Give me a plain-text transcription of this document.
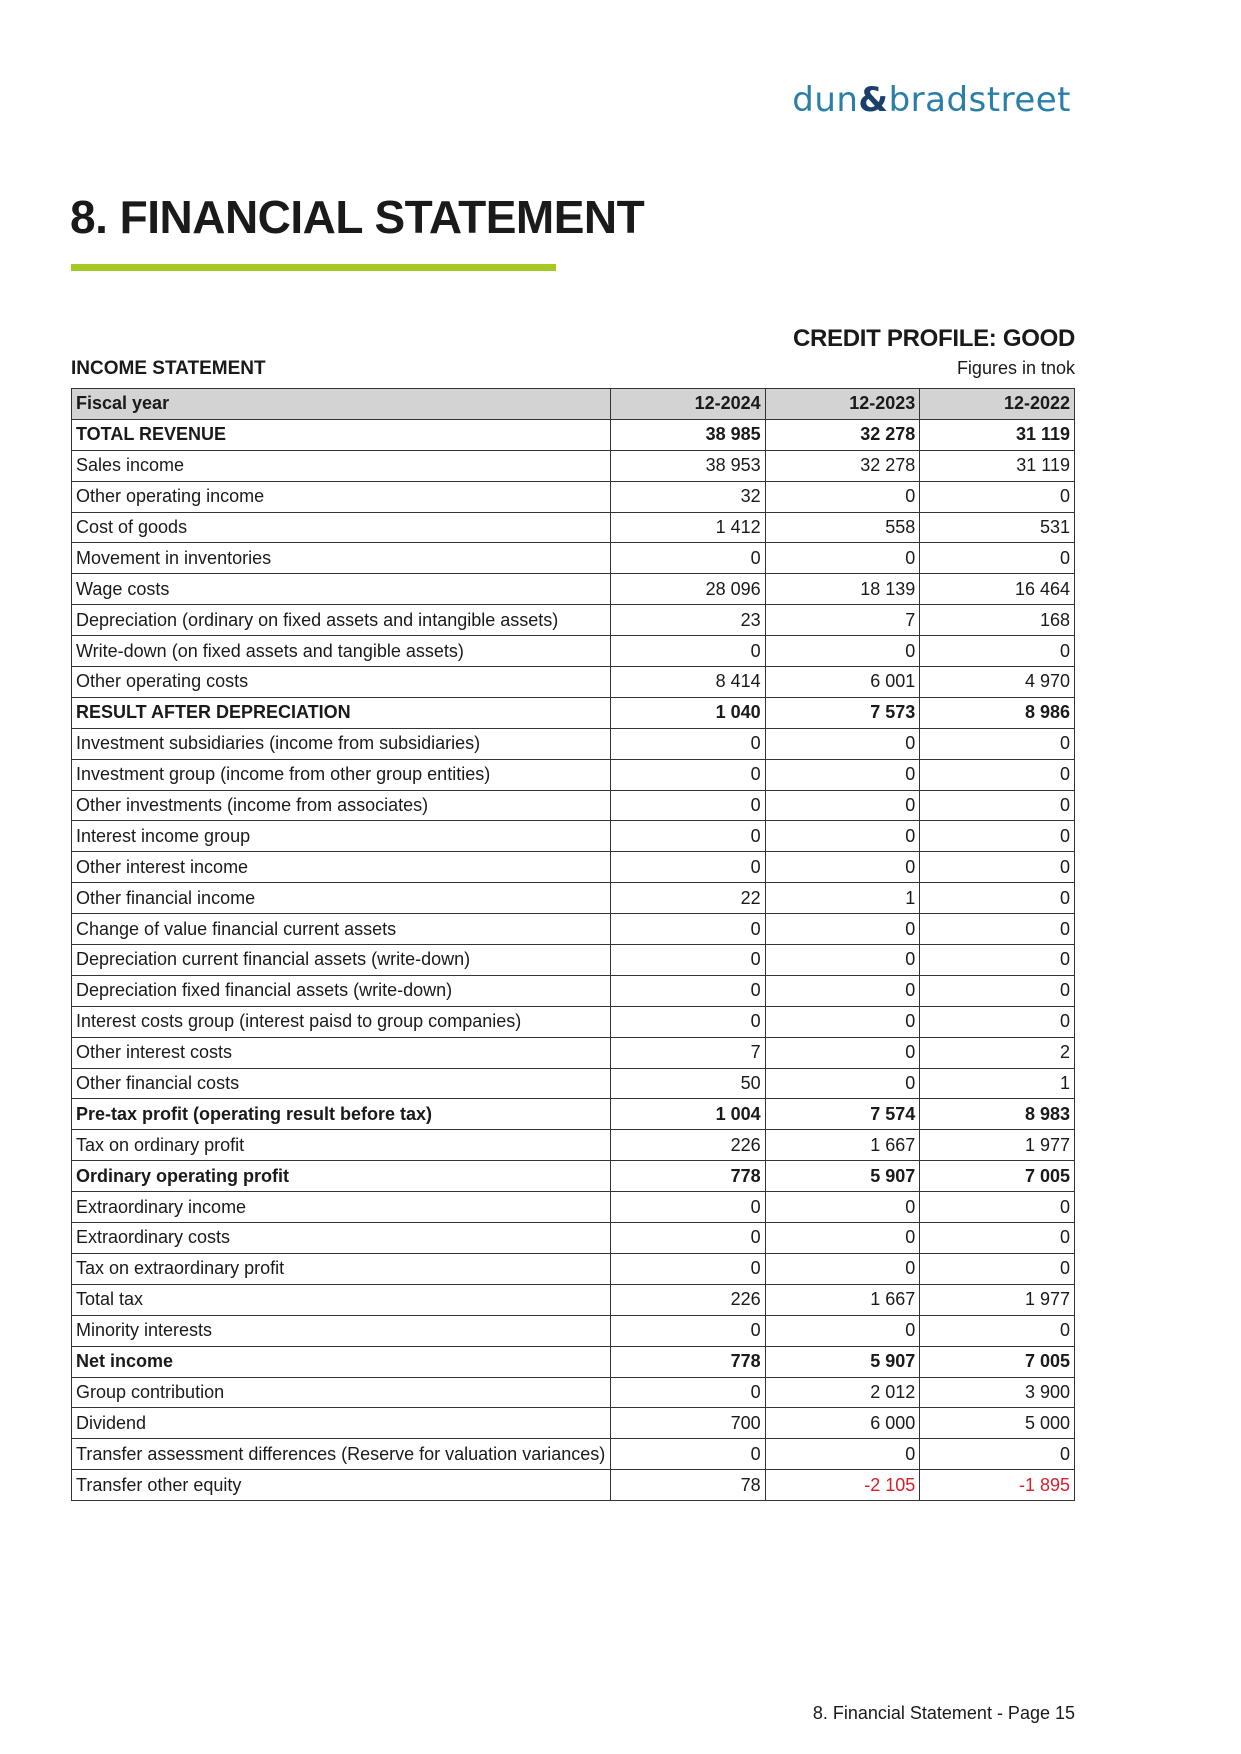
dun&bradstreet
8. FINANCIAL STATEMENT
CREDIT PROFILE: GOOD
INCOME STATEMENT	Figures in tnok
Fiscal year	12-2024	12-2023	12-2022
TOTAL REVENUE	38 985	32 278	31 119
Sales income	38 953	32 278	31 119
Other operating income	32	0	0
Cost of goods	1 412	558	531
Movement in inventories	0	0	0
Wage costs	28 096	18 139	16 464
Depreciation (ordinary on fixed assets and intangible assets)	23	7	168
Write-down (on fixed assets and tangible assets)	0	0	0
Other operating costs	8 414	6 001	4 970
RESULT AFTER DEPRECIATION	1 040	7 573	8 986
Investment subsidiaries (income from subsidiaries)	0	0	0
Investment group (income from other group entities)	0	0	0
Other investments (income from associates)	0	0	0
Interest income group	0	0	0
Other interest income	0	0	0
Other financial income	22	1	0
Change of value financial current assets	0	0	0
Depreciation current financial assets (write-down)	0	0	0
Depreciation fixed financial assets (write-down)	0	0	0
Interest costs group (interest paisd to group companies)	0	0	0
Other interest costs	7	0	2
Other financial costs	50	0	1
Pre-tax profit (operating result before tax)	1 004	7 574	8 983
Tax on ordinary profit	226	1 667	1 977
Ordinary operating profit	778	5 907	7 005
Extraordinary income	0	0	0
Extraordinary costs	0	0	0
Tax on extraordinary profit	0	0	0
Total tax	226	1 667	1 977
Minority interests	0	0	0
Net income	778	5 907	7 005
Group contribution	0	2 012	3 900
Dividend	700	6 000	5 000
Transfer assessment differences (Reserve for valuation variances)	0	0	0
Transfer other equity	78	-2 105	-1 895
8. Financial Statement - Page 15
